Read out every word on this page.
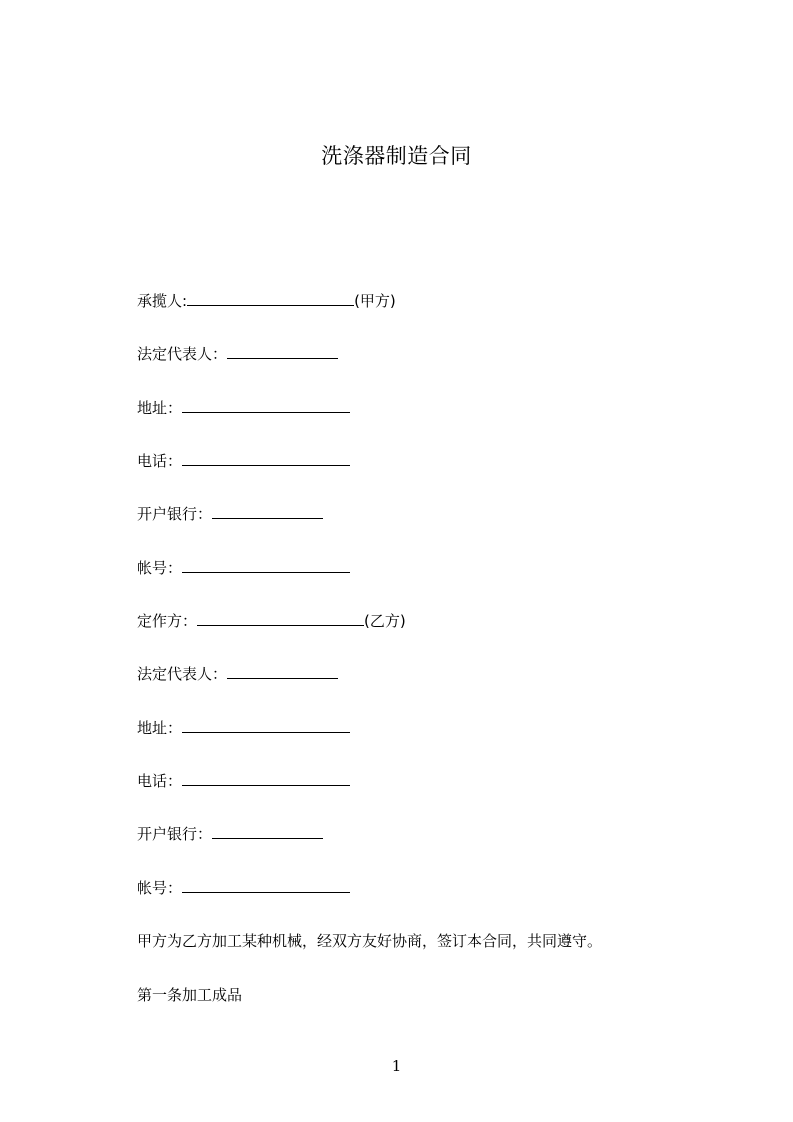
洗涤器制造合同
承揽人:	(甲方)
法定代表人：
地址：
电话：
开户银行：
帐号：
定作方：	(乙方)
法定代表人：
地址：
电话：
开户银行：
帐号：
甲方为乙方加工某种机械，经双方友好协商，签订本合同，共同遵守。
第一条加工成品
1
